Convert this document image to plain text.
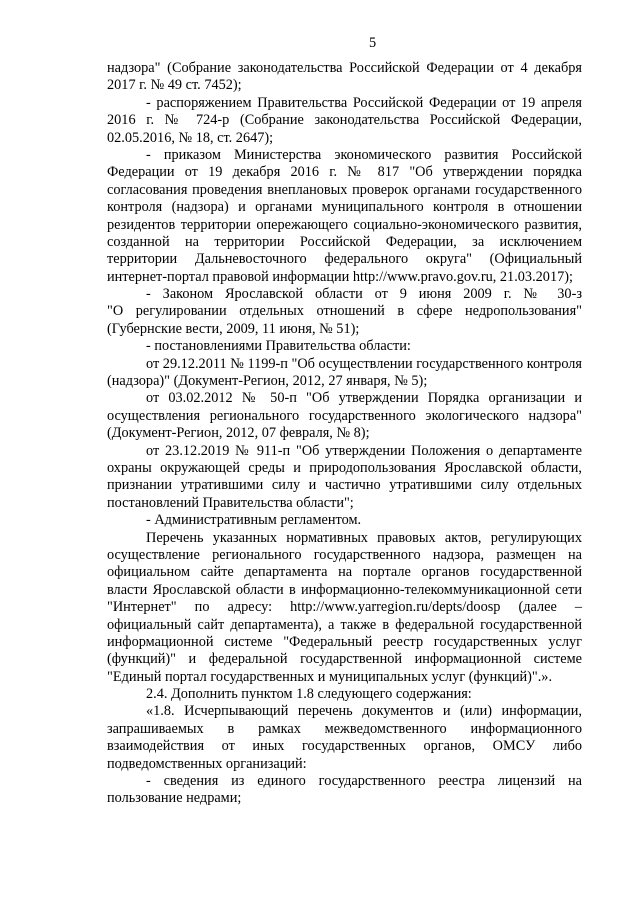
5
надзора" (Собрание законодательства Российской Федерации от 4 декабря
2017 г. № 49 ст. 7452);
- распоряжением Правительства Российской Федерации от 19 апреля
2016 г. № 724-р (Собрание законодательства Российской Федерации,
02.05.2016, № 18, ст. 2647);
- приказом Министерства экономического развития Российской
Федерации от 19 декабря 2016 г. № 817 "Об утверждении порядка
согласования проведения внеплановых проверок органами государственного
контроля (надзора) и органами муниципального контроля в отношении
резидентов территории опережающего социально-экономического развития,
созданной на территории Российской Федерации, за исключением
территории Дальневосточного федерального округа" (Официальный
интернет-портал правовой информации http://www.pravo.gov.ru, 21.03.2017);
- Законом Ярославской области от 9 июня 2009 г. № 30-з
"О регулировании отдельных отношений в сфере недропользования"
(Губернские вести, 2009, 11 июня, № 51);
- постановлениями Правительства области:
от 29.12.2011 № 1199-п "Об осуществлении государственного контроля
(надзора)" (Документ-Регион, 2012, 27 января, № 5);
от 03.02.2012 № 50-п "Об утверждении Порядка организации и
осуществления регионального государственного экологического надзора"
(Документ-Регион, 2012, 07 февраля, № 8);
от 23.12.2019 № 911-п "Об утверждении Положения о департаменте
охраны окружающей среды и природопользования Ярославской области,
признании утратившими силу и частично утратившими силу отдельных
постановлений Правительства области";
- Административным регламентом.
Перечень указанных нормативных правовых актов, регулирующих
осуществление регионального государственного надзора, размещен на
официальном сайте департамента на портале органов государственной
власти Ярославской области в информационно-телекоммуникационной сети
"Интернет" по адресу: http://www.yarregion.ru/depts/doosp (далее –
официальный сайт департамента), а также в федеральной государственной
информационной системе "Федеральный реестр государственных услуг
(функций)" и федеральной государственной информационной системе
"Единый портал государственных и муниципальных услуг (функций)".».
2.4. Дополнить пунктом 1.8 следующего содержания:
«1.8. Исчерпывающий перечень документов и (или) информации,
запрашиваемых в рамках межведомственного информационного
взаимодействия от иных государственных органов, ОМСУ либо
подведомственных организаций:
- сведения из единого государственного реестра лицензий на
пользование недрами;
